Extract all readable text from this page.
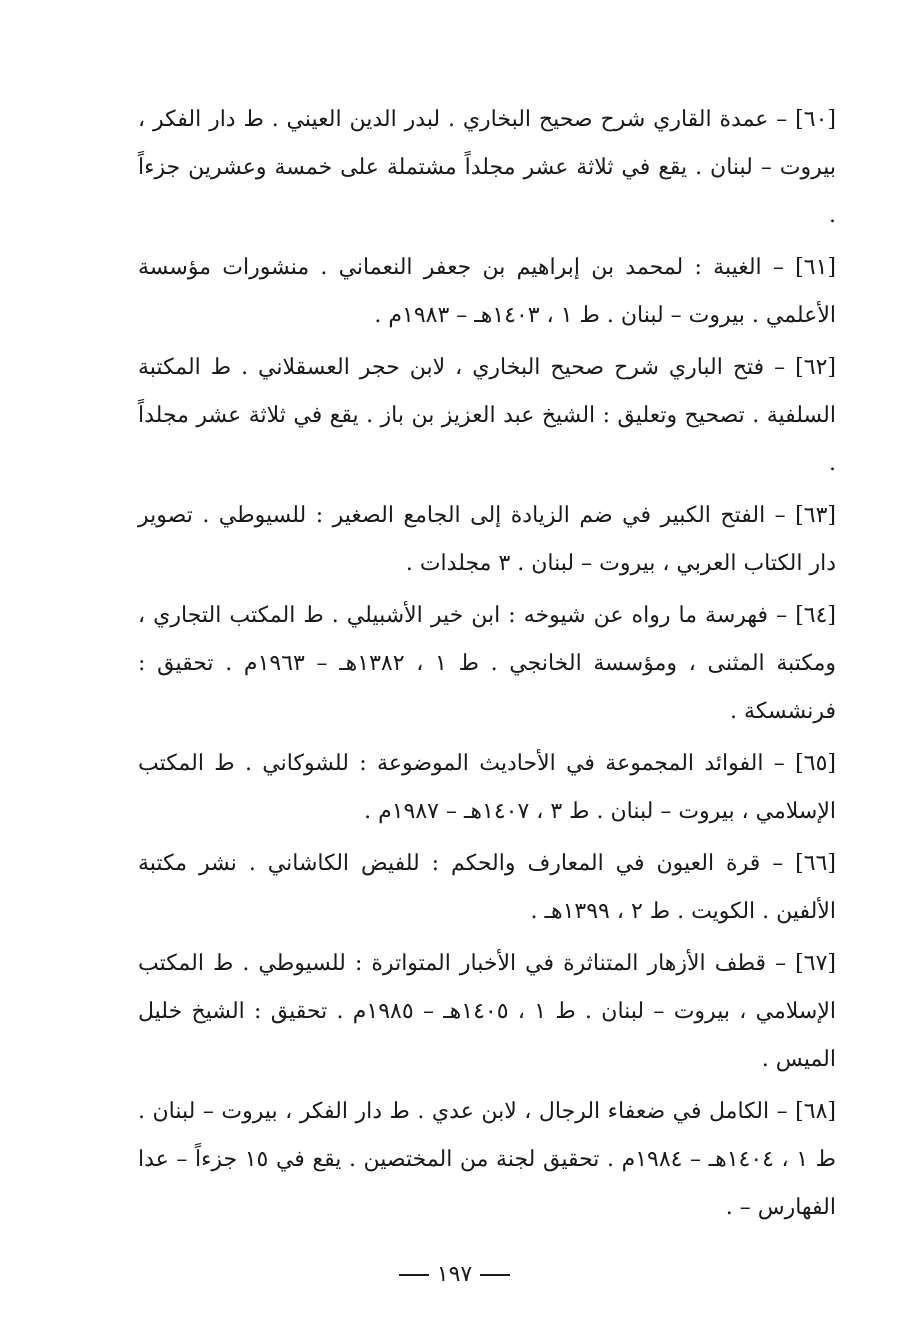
[٦٠] – عمدة القاري شرح صحيح البخاري . لبدر الدين العيني . ط دار الفكر ، بيروت – لبنان . يقع في ثلاثة عشر مجلداً مشتملة على خمسة وعشرين جزءاً .

[٦١] – الغيبة : لمحمد بن إبراهيم بن جعفر النعماني . منشورات مؤسسة الأعلمي . بيروت – لبنان . ط ١ ، ١٤٠٣هـ – ١٩٨٣م .

[٦٢] – فتح الباري شرح صحيح البخاري ، لابن حجر العسقلاني . ط المكتبة السلفية . تصحيح وتعليق : الشيخ عبد العزيز بن باز . يقع في ثلاثة عشر مجلداً .

[٦٣] – الفتح الكبير في ضم الزيادة إلى الجامع الصغير : للسيوطي . تصوير دار الكتاب العربي ، بيروت – لبنان . ٣ مجلدات .

[٦٤] – فهرسة ما رواه عن شيوخه : ابن خير الأشبيلي . ط المكتب التجاري ، ومكتبة المثنى ، ومؤسسة الخانجي . ط ١ ، ١٣٨٢هـ – ١٩٦٣م . تحقيق : فرنشسكة .

[٦٥] – الفوائد المجموعة في الأحاديث الموضوعة : للشوكاني . ط المكتب الإسلامي ، بيروت – لبنان . ط ٣ ، ١٤٠٧هـ – ١٩٨٧م .

[٦٦] – قرة العيون في المعارف والحكم : للفيض الكاشاني . نشر مكتبة الألفين . الكويت . ط ٢ ، ١٣٩٩هـ .

[٦٧] – قطف الأزهار المتناثرة في الأخبار المتواترة : للسيوطي . ط المكتب الإسلامي ، بيروت – لبنان . ط ١ ، ١٤٠٥هـ – ١٩٨٥م . تحقيق : الشيخ خليل الميس .

[٦٨] – الكامل في ضعفاء الرجال ، لابن عدي . ط دار الفكر ، بيروت – لبنان . ط ١ ، ١٤٠٤هـ – ١٩٨٤م . تحقيق لجنة من المختصين . يقع في ١٥ جزءاً – عدا الفهارس – .

١٩٧
